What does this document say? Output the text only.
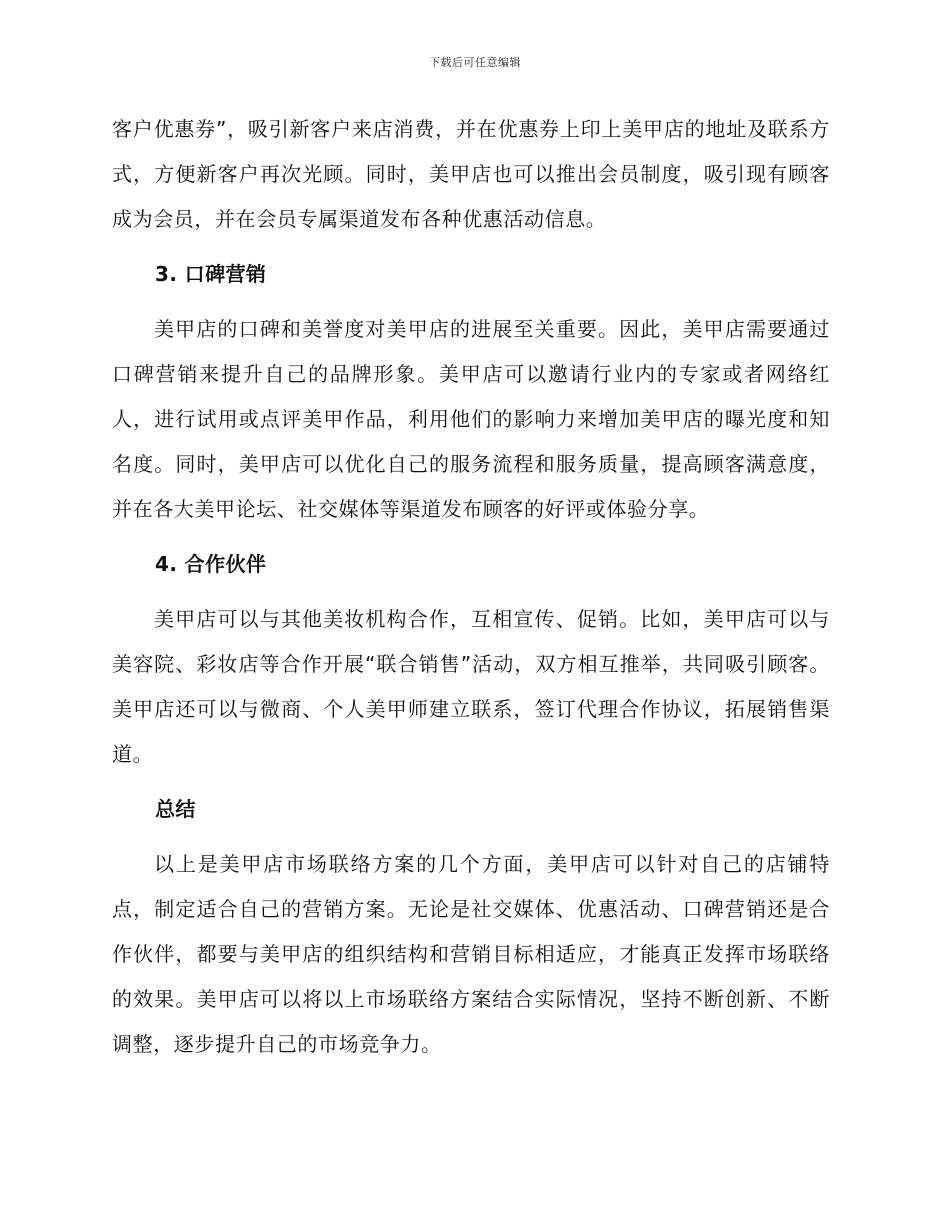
下载后可任意编辑

客户优惠券”，吸引新客户来店消费，并在优惠券上印上美甲店的地址及联系方式，方便新客户再次光顾。同时，美甲店也可以推出会员制度，吸引现有顾客成为会员，并在会员专属渠道发布各种优惠活动信息。

3. 口碑营销

美甲店的口碑和美誉度对美甲店的进展至关重要。因此，美甲店需要通过口碑营销来提升自己的品牌形象。美甲店可以邀请行业内的专家或者网络红人，进行试用或点评美甲作品，利用他们的影响力来增加美甲店的曝光度和知名度。同时，美甲店可以优化自己的服务流程和服务质量，提高顾客满意度，并在各大美甲论坛、社交媒体等渠道发布顾客的好评或体验分享。

4. 合作伙伴

美甲店可以与其他美妆机构合作，互相宣传、促销。比如，美甲店可以与美容院、彩妆店等合作开展“联合销售”活动，双方相互推举，共同吸引顾客。美甲店还可以与微商、个人美甲师建立联系，签订代理合作协议，拓展销售渠道。

总结

以上是美甲店市场联络方案的几个方面，美甲店可以针对自己的店铺特点，制定适合自己的营销方案。无论是社交媒体、优惠活动、口碑营销还是合作伙伴，都要与美甲店的组织结构和营销目标相适应，才能真正发挥市场联络的效果。美甲店可以将以上市场联络方案结合实际情况，坚持不断创新、不断调整，逐步提升自己的市场竞争力。
